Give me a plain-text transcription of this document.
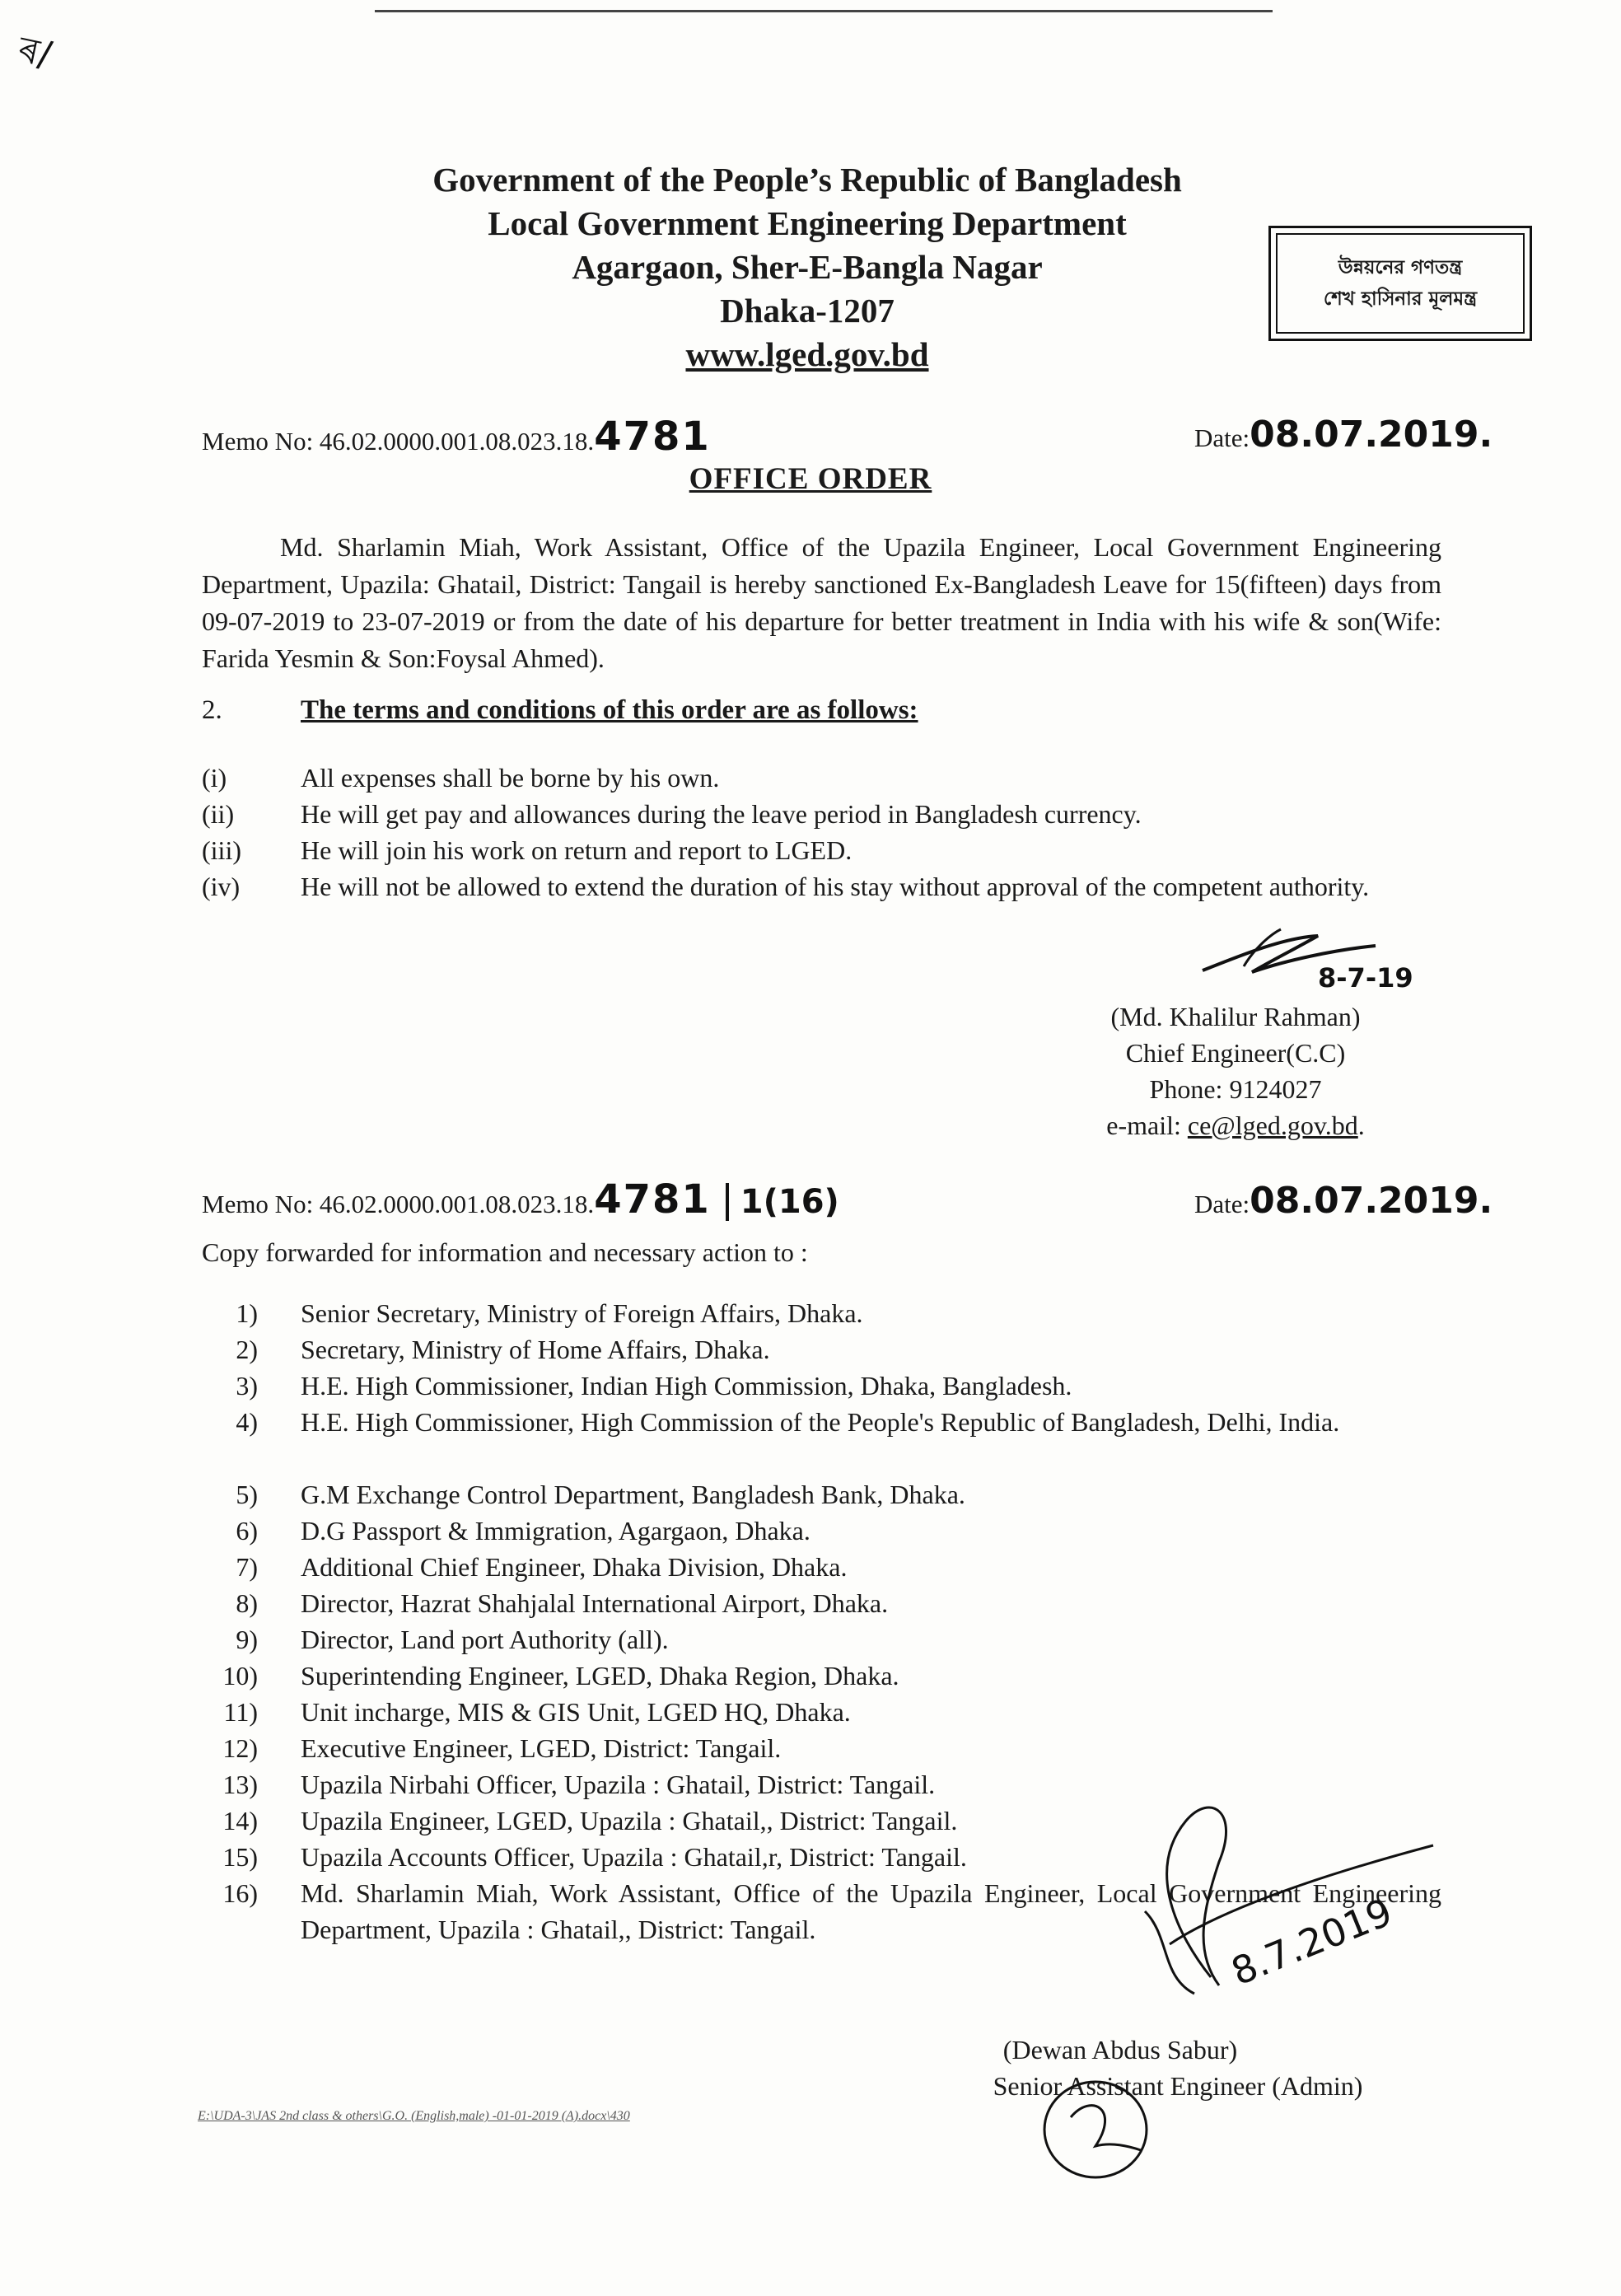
ৰ/
Government of the People’s Republic of Bangladesh
Local Government Engineering Department
Agargaon, Sher-E-Bangla Nagar
Dhaka-1207
www.lged.gov.bd
উন্নয়নের গণতন্ত্র
শেখ হাসিনার মূলমন্ত্র
Memo No: 46.02.0000.001.08.023.18.4781	Date:08.07.2019.
OFFICE ORDER
Md. Sharlamin Miah, Work Assistant, Office of the Upazila Engineer, Local Government Engineering Department, Upazila: Ghatail, District: Tangail is hereby sanctioned Ex-Bangladesh Leave for 15(fifteen) days from 09-07-2019 to 23-07-2019 or from the date of his departure for better treatment in India with his wife & son(Wife: Farida Yesmin & Son:Foysal Ahmed).
2.	The terms and conditions of this order are as follows:
(i)	All expenses shall be borne by his own.
(ii)	He will get pay and allowances during the leave period in Bangladesh currency.
(iii) He will join his work on return and report to LGED.
(iv) He will not be allowed to extend the duration of his stay without approval of the competent authority.
8-7-19
(Md. Khalilur Rahman)
Chief Engineer(C.C)
Phone: 9124027
e-mail: ce@lged.gov.bd.
Memo No: 46.02.0000.001.08.023.18.4781 1(16)	Date:08.07.2019.
Copy forwarded for information and necessary action to :
1) Senior Secretary, Ministry of Foreign Affairs, Dhaka.
2) Secretary, Ministry of Home Affairs, Dhaka.
3) H.E. High Commissioner, Indian High Commission, Dhaka, Bangladesh.
4) H.E. High Commissioner, High Commission of the People's Republic of Bangladesh, Delhi, India.
5) G.M Exchange Control Department, Bangladesh Bank, Dhaka.
6) D.G Passport & Immigration, Agargaon, Dhaka.
7) Additional Chief Engineer, Dhaka Division, Dhaka.
8) Director, Hazrat Shahjalal International Airport, Dhaka.
9) Director, Land port Authority (all).
10) Superintending Engineer, LGED, Dhaka Region, Dhaka.
11) Unit incharge, MIS & GIS Unit, LGED HQ, Dhaka.
12) Executive Engineer, LGED, District: Tangail.
13) Upazila Nirbahi Officer, Upazila : Ghatail, District: Tangail.
14) Upazila Engineer, LGED, Upazila : Ghatail,, District: Tangail.
15) Upazila Accounts Officer, Upazila : Ghatail,r, District: Tangail.
16) Md. Sharlamin Miah, Work Assistant, Office of the Upazila Engineer, Local Government Engineering Department, Upazila : Ghatail,, District: Tangail.	8.7.2019
(Dewan Abdus Sabur)
Senior Assistant Engineer (Admin)
E:\UDA-3\JAS 2nd class & others\G.O. (English,male) -01-01-2019 (A).docx\430
